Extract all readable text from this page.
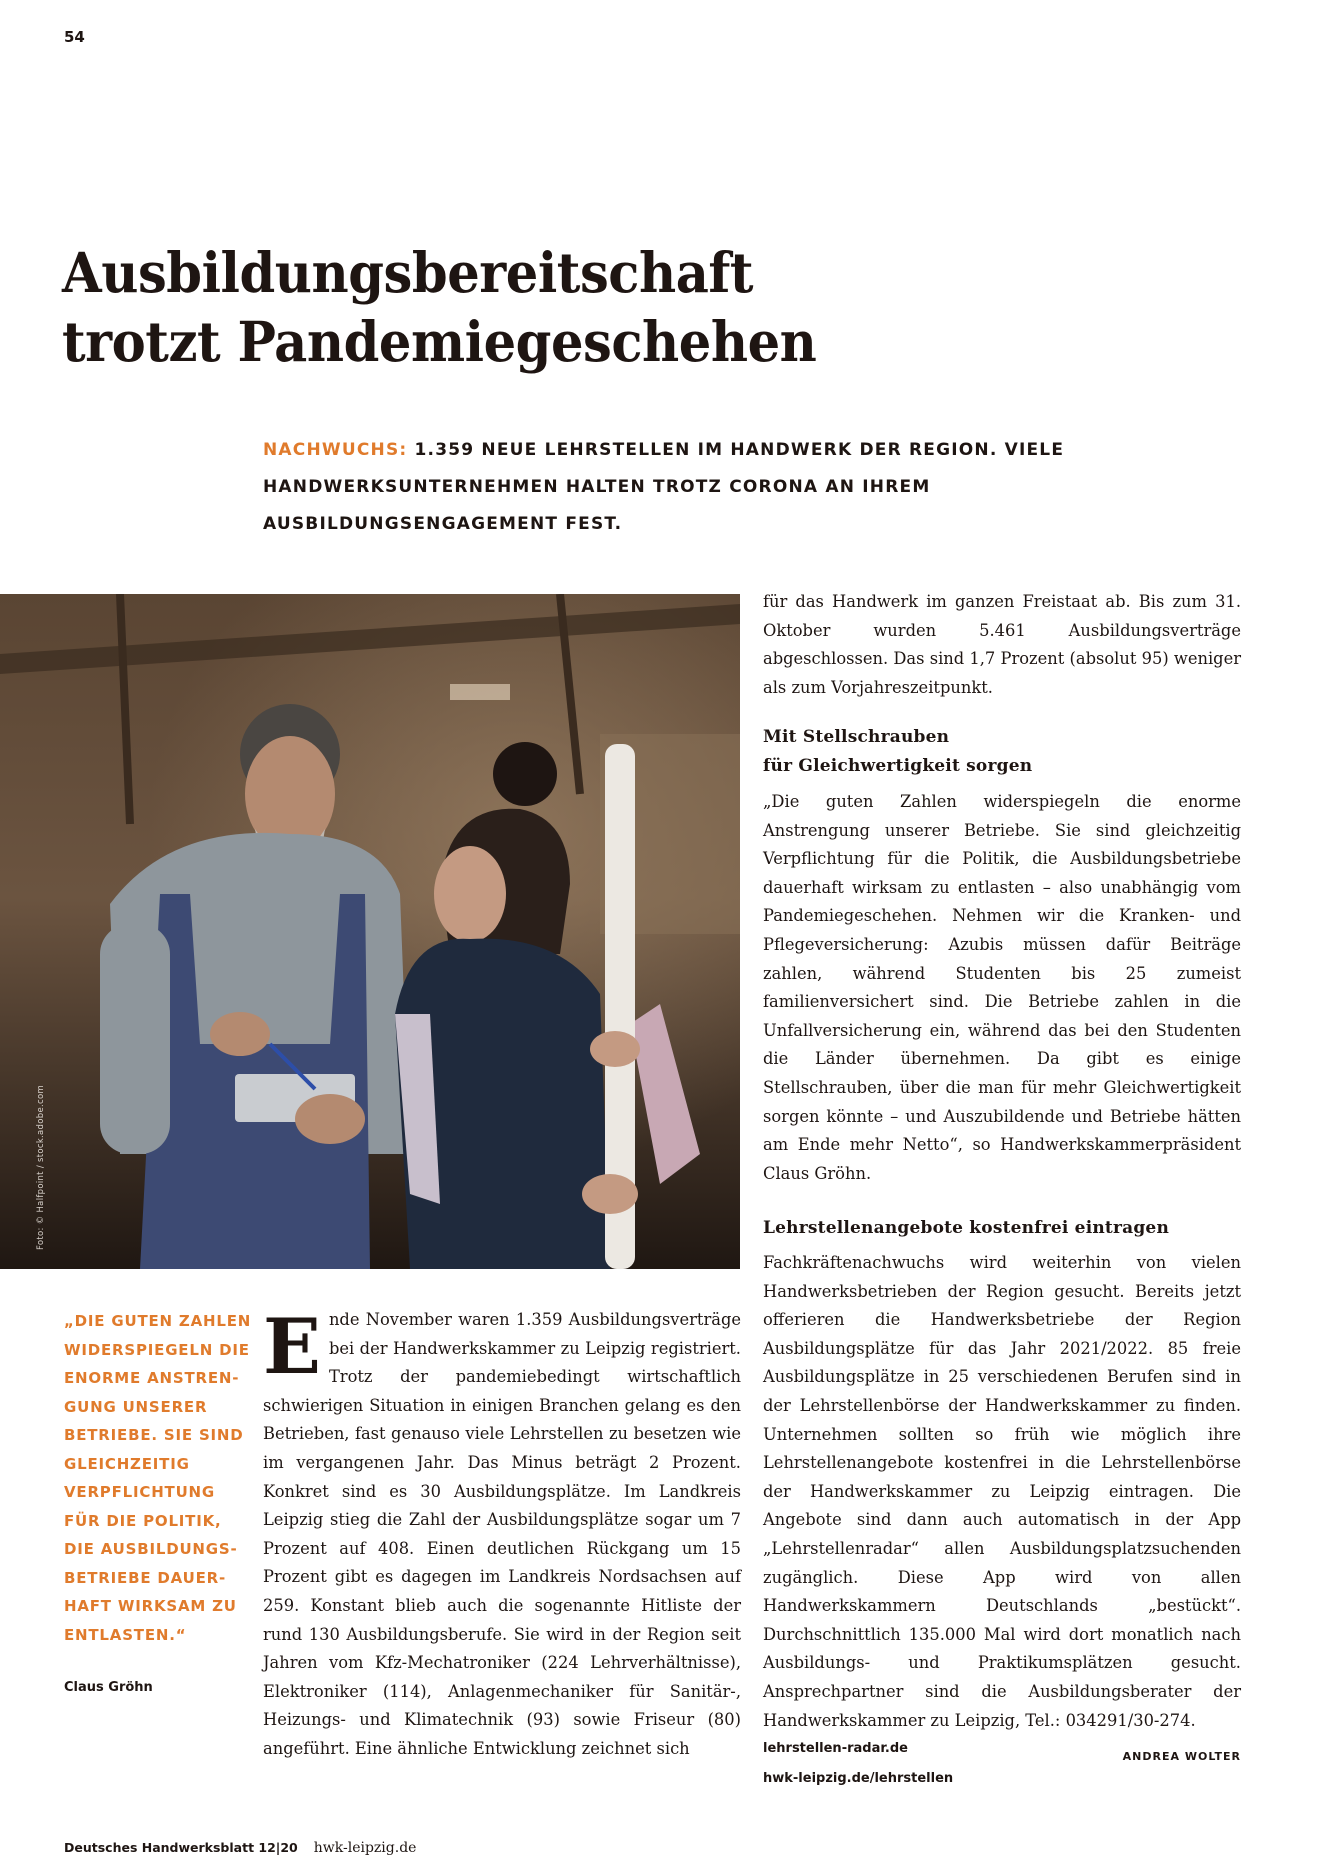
54
Ausbildungsbereitschaft
trotzt Pandemiegeschehen
NACHWUCHS: 1.359 NEUE LEHRSTELLEN IM HANDWERK DER REGION. VIELE HANDWERKSUNTERNEHMEN HALTEN TROTZ CORONA AN IHREM AUSBILDUNGSENGAGEMENT FEST.
Foto: © Halfpoint / stock.adobe.com
„DIE GUTEN ZAHLEN WIDERSPIEGELN DIE ENORME ANSTRENGUNG UNSERER BETRIEBE. SIE SIND GLEICHZEITIG VERPFLICHTUNG FÜR DIE POLITIK, DIE AUSBILDUNGSBETRIEBE DAUERHAFT WIRKSAM ZU ENTLASTEN.“
Claus Gröhn
Ende November waren 1.359 Ausbildungsverträge bei der Handwerkskammer zu Leipzig registriert. Trotz der pandemiebedingt wirtschaftlich schwierigen Situation in einigen Branchen gelang es den Betrieben, fast genauso viele Lehrstellen zu besetzen wie im vergangenen Jahr. Das Minus beträgt 2 Prozent. Konkret sind es 30 Ausbildungsplätze. Im Landkreis Leipzig stieg die Zahl der Ausbildungsplätze sogar um 7 Prozent auf 408. Einen deutlichen Rückgang um 15 Prozent gibt es dagegen im Landkreis Nordsachsen auf 259. Konstant blieb auch die sogenannte Hitliste der rund 130 Ausbildungsberufe. Sie wird in der Region seit Jahren vom Kfz-Mechatroniker (224 Lehrverhältnisse), Elektroniker (114), Anlagenmechaniker für Sanitär-, Heizungs- und Klimatechnik (93) sowie Friseur (80) angeführt. Eine ähnliche Entwicklung zeichnet sich
für das Handwerk im ganzen Freistaat ab. Bis zum 31. Oktober wurden 5.461 Ausbildungsverträge abgeschlossen. Das sind 1,7 Prozent (absolut 95) weniger als zum Vorjahreszeitpunkt.
Mit Stellschrauben
für Gleichwertigkeit sorgen
„Die guten Zahlen widerspiegeln die enorme Anstrengung unserer Betriebe. Sie sind gleichzeitig Verpflichtung für die Politik, die Ausbildungsbetriebe dauerhaft wirksam zu entlasten – also unabhängig vom Pandemiegeschehen. Nehmen wir die Kranken- und Pflegeversicherung: Azubis müssen dafür Beiträge zahlen, während Studenten bis 25 zumeist familienversichert sind. Die Betriebe zahlen in die Unfallversicherung ein, während das bei den Studenten die Länder übernehmen. Da gibt es einige Stellschrauben, über die man für mehr Gleichwertigkeit sorgen könnte – und Auszubildende und Betriebe hätten am Ende mehr Netto“, so Handwerkskammerpräsident Claus Gröhn.
Lehrstellenangebote kostenfrei eintragen
Fachkräftenachwuchs wird weiterhin von vielen Handwerksbetrieben der Region gesucht. Bereits jetzt offerieren die Handwerksbetriebe der Region Ausbildungsplätze für das Jahr 2021/2022. 85 freie Ausbildungsplätze in 25 verschiedenen Berufen sind in der Lehrstellenbörse der Handwerkskammer zu finden. Unternehmen sollten so früh wie möglich ihre Lehrstellenangebote kostenfrei in die Lehrstellenbörse der Handwerkskammer zu Leipzig eintragen. Die Angebote sind dann auch automatisch in der App „Lehrstellenradar“ allen Ausbildungsplatzsuchenden zugänglich. Diese App wird von allen Handwerkskammern Deutschlands „bestückt“. Durchschnittlich 135.000 Mal wird dort monatlich nach Ausbildungs- und Praktikumsplätzen gesucht. Ansprechpartner sind die Ausbildungsberater der Handwerkskammer zu Leipzig, Tel.: 034291/30-274.
ANDREA WOLTER
lehrstellen-radar.de
hwk-leipzig.de/lehrstellen
Deutsches Handwerksblatt 12|20 hwk-leipzig.de
